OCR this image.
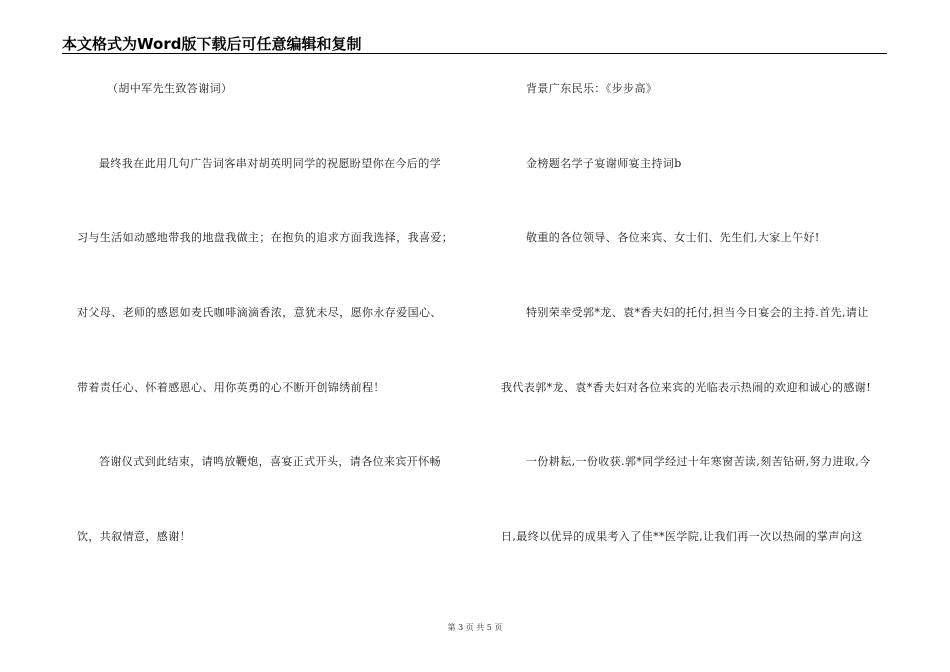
本文格式为Word版下载后可任意编辑和复制
（胡中军先生致答谢词）
最终我在此用几句广告词客串对胡英明同学的祝愿盼望你在今后的学
习与生活如动感地带我的地盘我做主；在抱负的追求方面我选择，我喜爱；
对父母、老师的感恩如麦氏咖啡滴滴香浓，意犹未尽，愿你永存爱国心、
带着责任心、怀着感恩心、用你英勇的心不断开创锦绣前程！
答谢仪式到此结束，请鸣放鞭炮，喜宴正式开头，请各位来宾开怀畅
饮，共叙情意，感谢！
背景广东民乐：《步步高》
金榜题名学子宴谢师宴主持词b
敬重的各位领导、各位来宾、女士们、先生们,大家上午好!
特别荣幸受郭*龙、袁*香夫妇的托付,担当今日宴会的主持.首先,请让
我代表郭*龙、袁*香夫妇对各位来宾的光临表示热闹的欢迎和诚心的感谢!
一份耕耘,一份收获.郭*同学经过十年寒窗苦读,刻苦钻研,努力进取,今
日,最终以优异的成果考入了佳**医学院,让我们再一次以热闹的掌声向这
第 3 页 共 5 页
